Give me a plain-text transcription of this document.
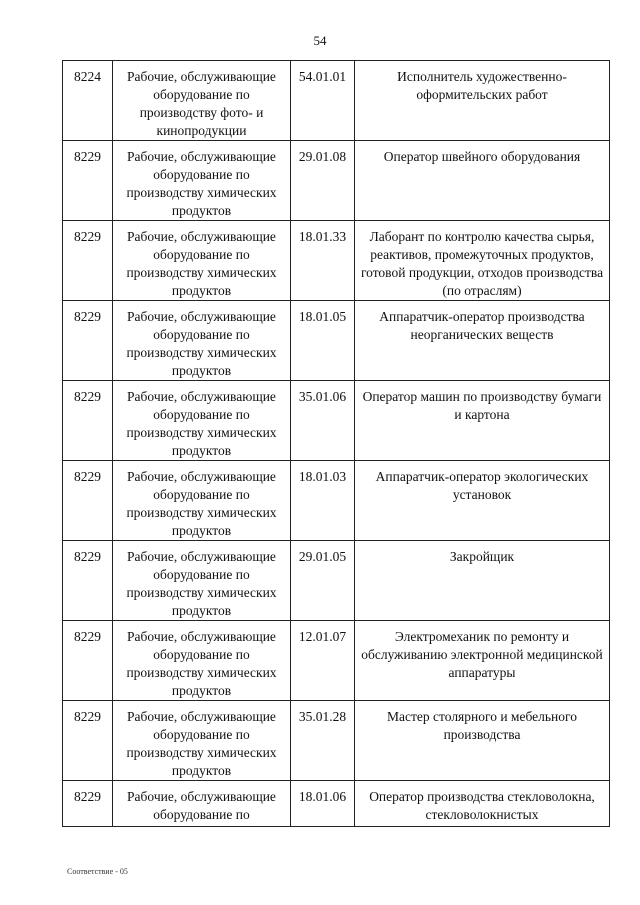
54
8224	Рабочие, обслуживающие оборудование по производству фото- и кинопродукции	54.01.01	Исполнитель художественно-оформительских работ
8229	Рабочие, обслуживающие оборудование по производству химических продуктов	29.01.08	Оператор швейного оборудования
8229	Рабочие, обслуживающие оборудование по производству химических продуктов	18.01.33	Лаборант по контролю качества сырья, реактивов, промежуточных продуктов, готовой продукции, отходов производства (по отраслям)
8229	Рабочие, обслуживающие оборудование по производству химических продуктов	18.01.05	Аппаратчик-оператор производства неорганических веществ
8229	Рабочие, обслуживающие оборудование по производству химических продуктов	35.01.06	Оператор машин по производству бумаги и картона
8229	Рабочие, обслуживающие оборудование по производству химических продуктов	18.01.03	Аппаратчик-оператор экологических установок
8229	Рабочие, обслуживающие оборудование по производству химических продуктов	29.01.05	Закройщик
8229	Рабочие, обслуживающие оборудование по производству химических продуктов	12.01.07	Электромеханик по ремонту и обслуживанию электронной медицинской аппаратуры
8229	Рабочие, обслуживающие оборудование по производству химических продуктов	35.01.28	Мастер столярного и мебельного производства
8229	Рабочие, обслуживающие оборудование по	18.01.06	Оператор производства стекловолокна, стекловолокнистых
Соответствие - 05
